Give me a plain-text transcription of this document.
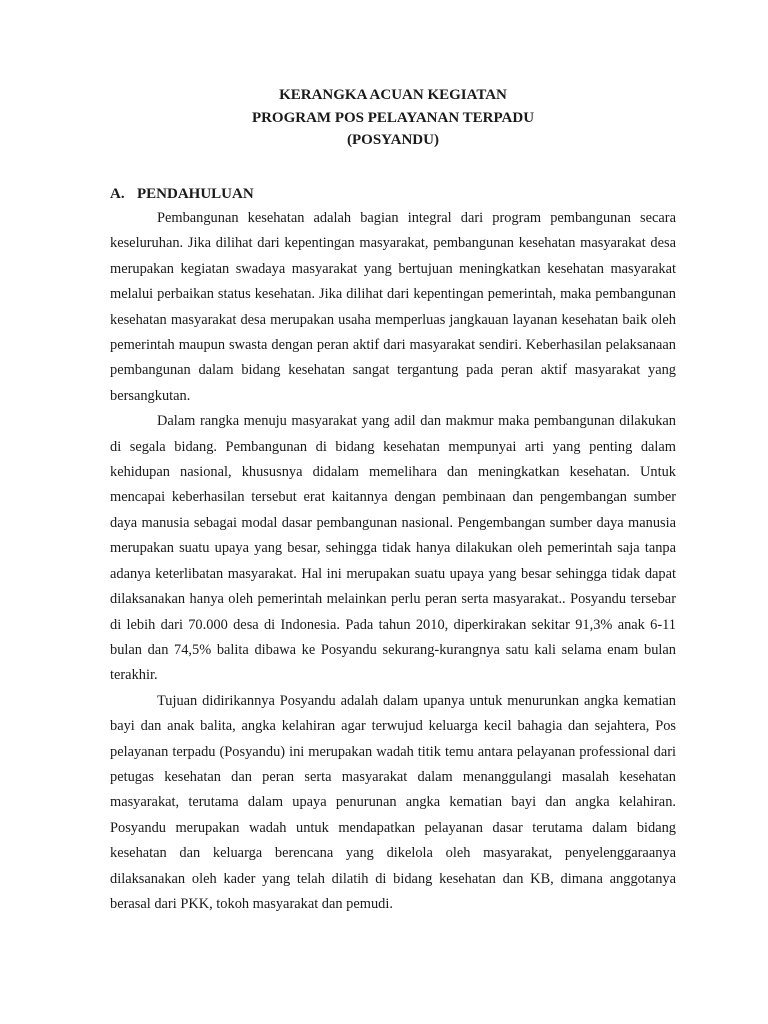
KERANGKA ACUAN KEGIATAN
PROGRAM POS PELAYANAN TERPADU
(POSYANDU)
A. PENDAHULUAN

Pembangunan kesehatan adalah bagian integral dari program pembangunan secara keseluruhan. Jika dilihat dari kepentingan masyarakat, pembangunan kesehatan masyarakat desa merupakan kegiatan swadaya masyarakat yang bertujuan meningkatkan kesehatan masyarakat melalui perbaikan status kesehatan. Jika dilihat dari kepentingan pemerintah, maka pembangunan kesehatan masyarakat desa merupakan usaha memperluas jangkauan layanan kesehatan baik oleh pemerintah maupun swasta dengan peran aktif dari masyarakat sendiri. Keberhasilan pelaksanaan pembangunan dalam bidang kesehatan sangat tergantung pada peran aktif masyarakat yang bersangkutan.

Dalam rangka menuju masyarakat yang adil dan makmur maka pembangunan dilakukan di segala bidang. Pembangunan di bidang kesehatan mempunyai arti yang penting dalam kehidupan nasional, khususnya didalam memelihara dan meningkatkan kesehatan. Untuk mencapai keberhasilan tersebut erat kaitannya dengan pembinaan dan pengembangan sumber daya manusia sebagai modal dasar pembangunan nasional. Pengembangan sumber daya manusia merupakan suatu upaya yang besar, sehingga tidak hanya dilakukan oleh pemerintah saja tanpa adanya keterlibatan masyarakat. Hal ini merupakan suatu upaya yang besar sehingga tidak dapat dilaksanakan hanya oleh pemerintah melainkan perlu peran serta masyarakat.. Posyandu tersebar di lebih dari 70.000 desa di Indonesia. Pada tahun 2010, diperkirakan sekitar 91,3% anak 6-11 bulan dan 74,5% balita dibawa ke Posyandu sekurang-kurangnya satu kali selama enam bulan terakhir.

Tujuan didirikannya Posyandu adalah dalam upanya untuk menurunkan angka kematian bayi dan anak balita, angka kelahiran agar terwujud keluarga kecil bahagia dan sejahtera, Pos pelayanan terpadu (Posyandu) ini merupakan wadah titik temu antara pelayanan professional dari petugas kesehatan dan peran serta masyarakat dalam menanggulangi masalah kesehatan masyarakat, terutama dalam upaya penurunan angka kematian bayi dan angka kelahiran. Posyandu merupakan wadah untuk mendapatkan pelayanan dasar terutama dalam bidang kesehatan dan keluarga berencana yang dikelola oleh masyarakat, penyelenggaraanya dilaksanakan oleh kader yang telah dilatih di bidang kesehatan dan KB, dimana anggotanya berasal dari PKK, tokoh masyarakat dan pemudi.
